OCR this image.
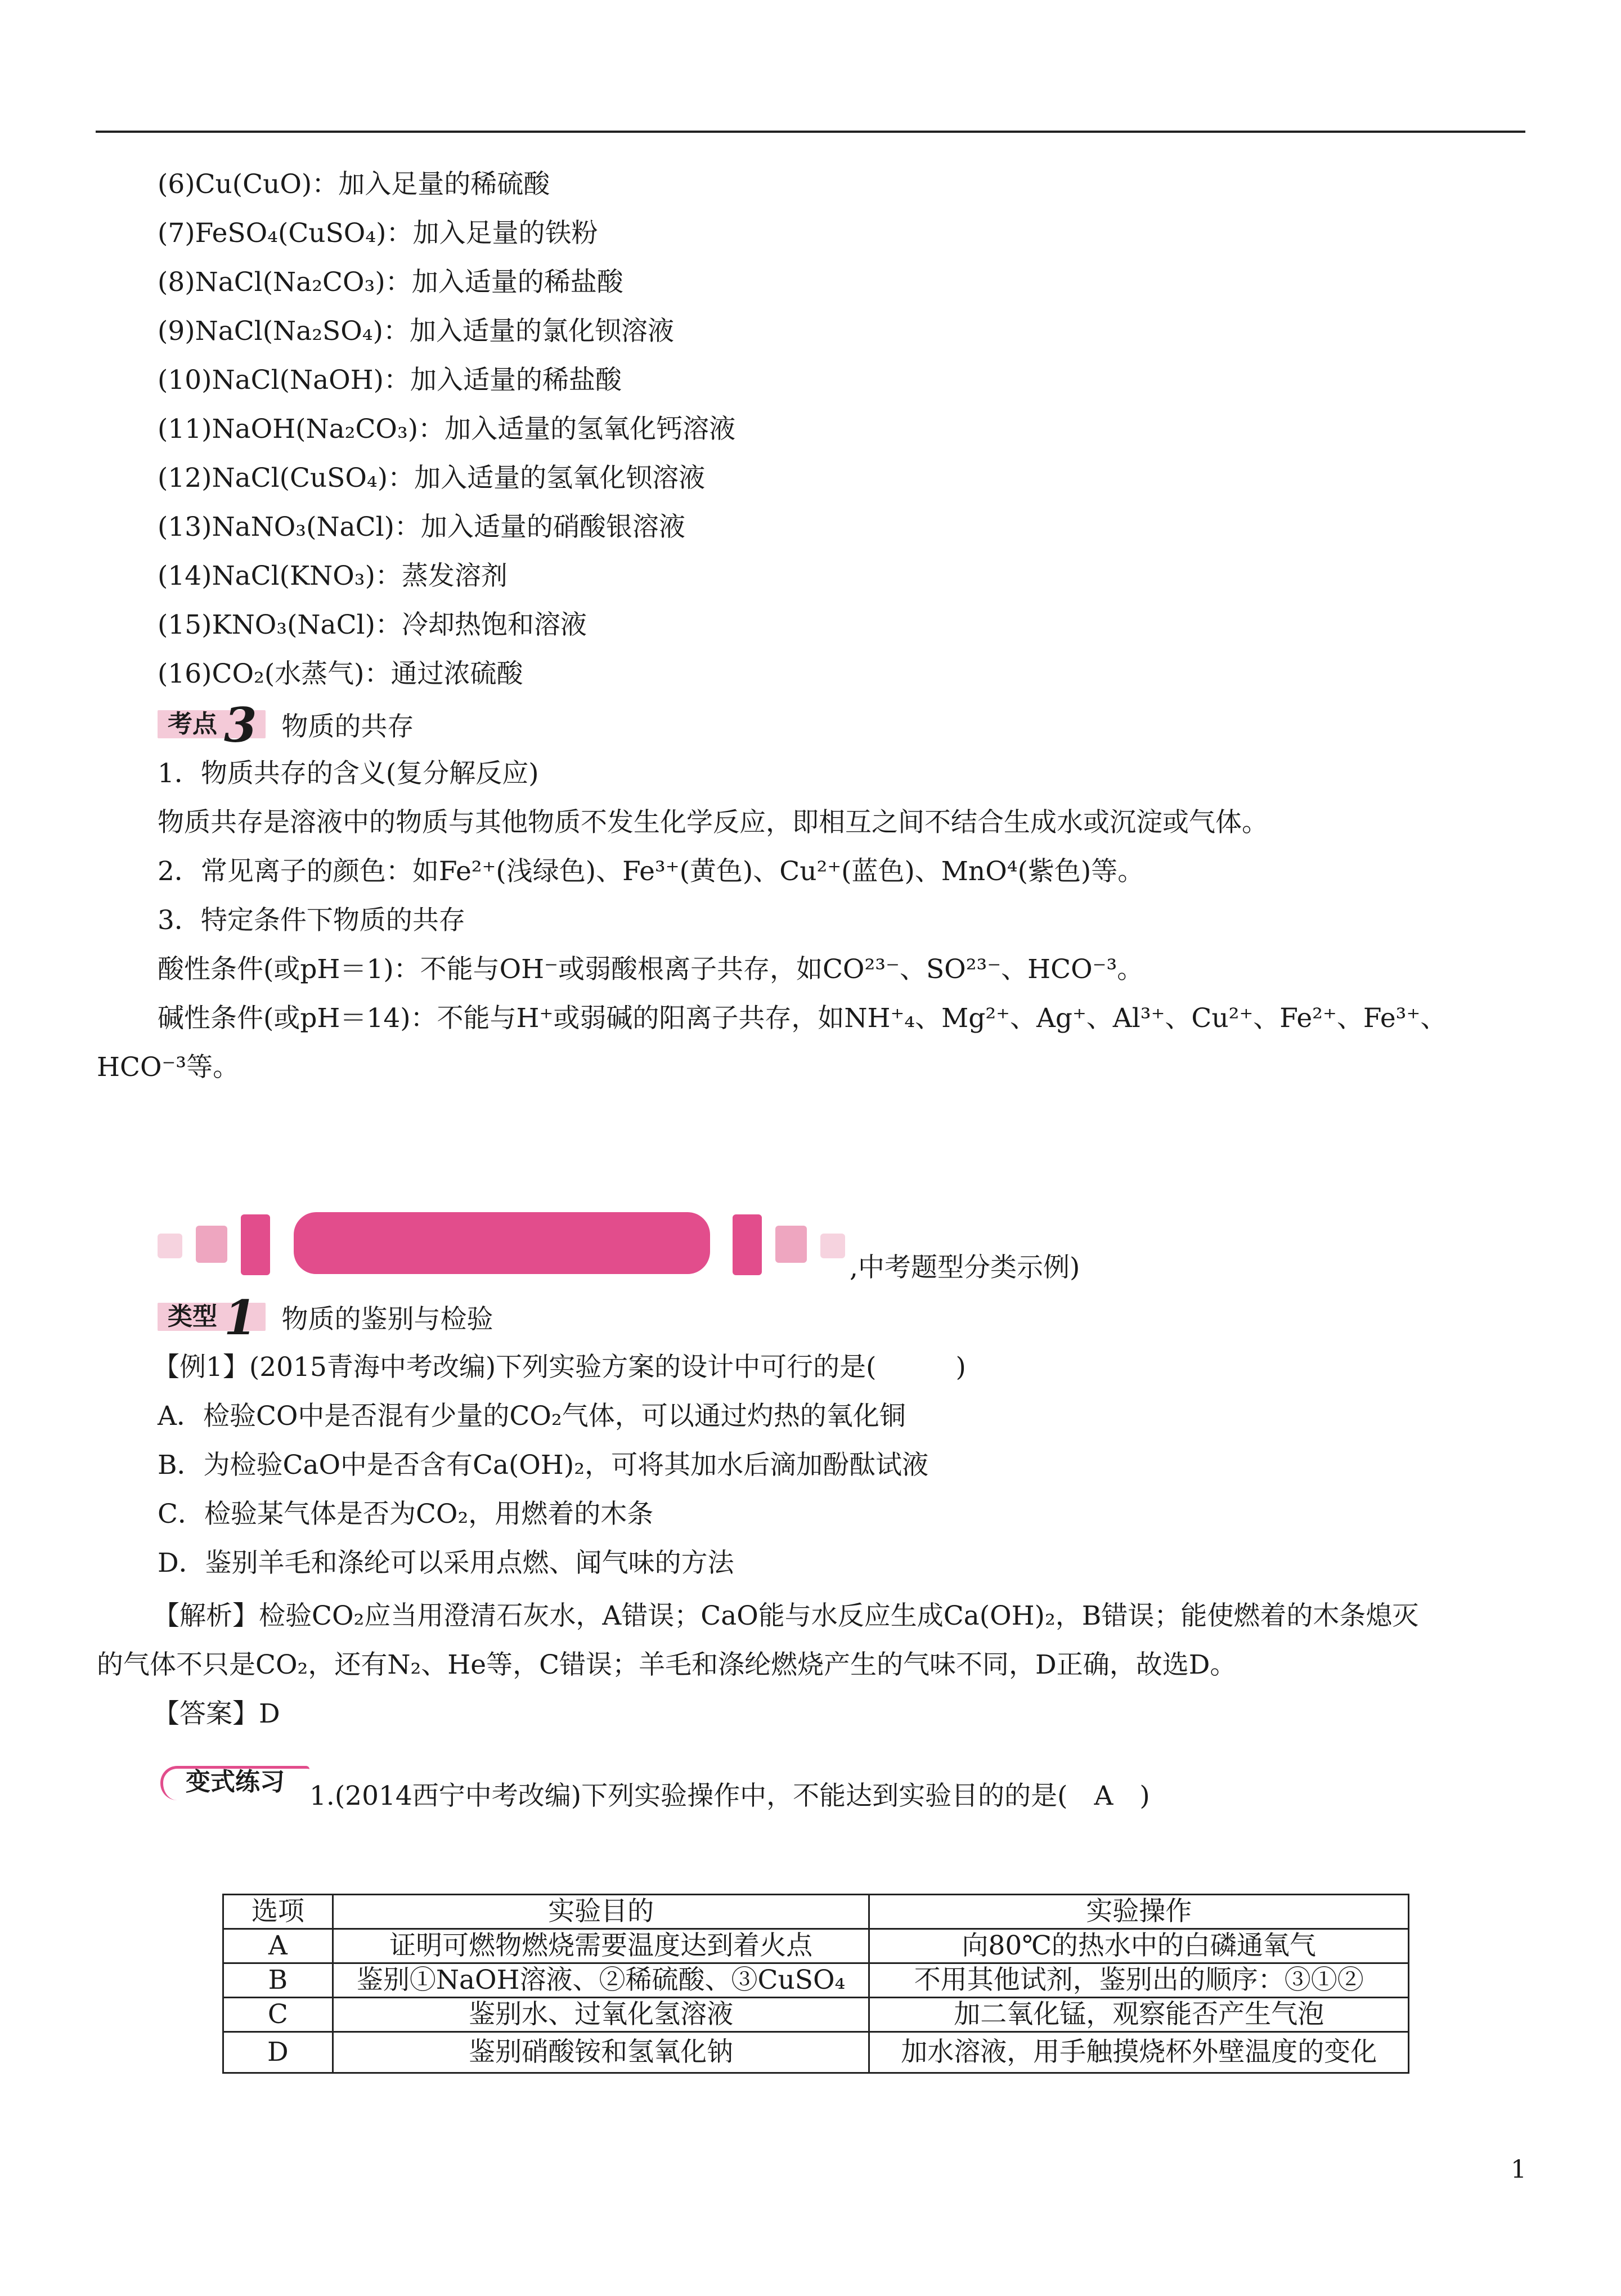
(6)Cu(CuO)：加入足量的稀硫酸
(7)FeSO₄(CuSO₄)：加入足量的铁粉
(8)NaCl(Na₂CO₃)：加入适量的稀盐酸
(9)NaCl(Na₂SO₄)：加入适量的氯化钡溶液
(10)NaCl(NaOH)：加入适量的稀盐酸
(11)NaOH(Na₂CO₃)：加入适量的氢氧化钙溶液
(12)NaCl(CuSO₄)：加入适量的氢氧化钡溶液
(13)NaNO₃(NaCl)：加入适量的硝酸银溶液
(14)NaCl(KNO₃)：蒸发溶剂
(15)KNO₃(NaCl)：冷却热饱和溶液
(16)CO₂(水蒸气)：通过浓硫酸
考点 3 物质的共存
1．物质共存的含义(复分解反应)
物质共存是溶液中的物质与其他物质不发生化学反应，即相互之间不结合生成水或沉淀或气体。
2．常见离子的颜色：如Fe²⁺(浅绿色)、Fe³⁺(黄色)、Cu²⁺(蓝色)、MnO⁴(紫色)等。
3．特定条件下物质的共存
酸性条件(或pH＝1)：不能与OH⁻或弱酸根离子共存，如CO²³⁻、SO²³⁻、HCO⁻³。
碱性条件(或pH＝14)：不能与H⁺或弱碱的阳离子共存，如NH⁺₄、Mg²⁺、Ag⁺、Al³⁺、Cu²⁺、Fe²⁺、Fe³⁺、
HCO⁻³等。
,中考题型分类示例)
类型 1 物质的鉴别与检验
【例1】(2015青海中考改编)下列实验方案的设计中可行的是(　　　)
A．检验CO中是否混有少量的CO₂气体，可以通过灼热的氧化铜
B．为检验CaO中是否含有Ca(OH)₂，可将其加水后滴加酚酞试液
C．检验某气体是否为CO₂，用燃着的木条
D．鉴别羊毛和涤纶可以采用点燃、闻气味的方法
【解析】检验CO₂应当用澄清石灰水，A错误；CaO能与水反应生成Ca(OH)₂，B错误；能使燃着的木条熄灭
的气体不只是CO₂，还有N₂、He等，C错误；羊毛和涤纶燃烧产生的气味不同，D正确，故选D。
【答案】D
变式练习 1.(2014西宁中考改编)下列实验操作中，不能达到实验目的的是(　A　)
选项	实验目的	实验操作
A	证明可燃物燃烧需要温度达到着火点	向80℃的热水中的白磷通氧气
B	鉴别①NaOH溶液、②稀硫酸、③CuSO₄	不用其他试剂，鉴别出的顺序：③①②
C	鉴别水、过氧化氢溶液	加二氧化锰，观察能否产生气泡
D	鉴别硝酸铵和氢氧化钠	加水溶液，用手触摸烧杯外壁温度的变化
1
